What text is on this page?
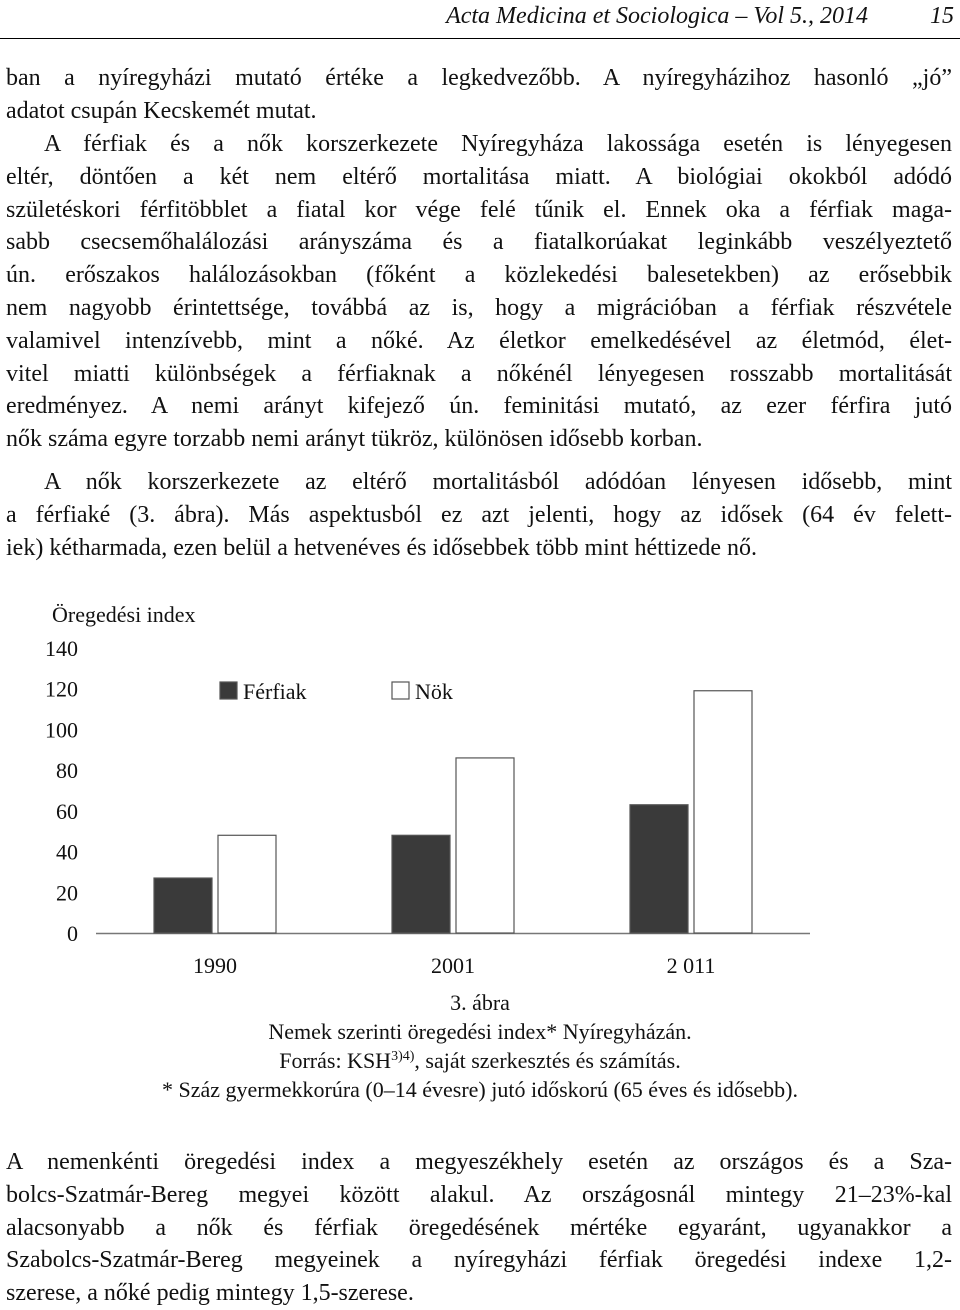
Acta Medicina et Sociologica – Vol 5., 2014	15
ban a nyíregyházi mutató értéke a legkedvezőbb. A nyíregyházihoz hasonló „jó”
adatot csupán Kecskemét mutat.
A férfiak és a nők korszerkezete Nyíregyháza lakossága esetén is lényegesen
eltér, döntően a két nem eltérő mortalitása miatt. A biológiai okokból adódó
születéskori férfitöbblet a fiatal kor vége felé tűnik el. Ennek oka a férfiak maga-
sabb csecsemőhalálozási arányszáma és a fiatalkorúakat leginkább veszélyeztető
ún. erőszakos halálozásokban (főként a közlekedési balesetekben) az erősebbik
nem nagyobb érintettsége, továbbá az is, hogy a migrációban a férfiak részvétele
valamivel intenzívebb, mint a nőké. Az életkor emelkedésével az életmód, élet-
vitel miatti különbségek a férfiaknak a nőkénél lényegesen rosszabb mortalitását
eredményez. A nemi arányt kifejező ún. feminitási mutató, az ezer férfira jutó
nők száma egyre torzabb nemi arányt tükröz, különösen idősebb korban.
A nők korszerkezete az eltérő mortalitásból adódóan lényesen idősebb, mint
a férfiaké (3. ábra). Más aspektusból ez azt jelenti, hogy az idősek (64 év felett-
iek) kétharmada, ezen belül a hetvenéves és idősebbek több mint héttizede nő.
Öregedési index
0
20
40
60
80
100
120
140
1990	2001	2 011
Férfiak	Nök
3. ábra
Nemek szerinti öregedési index* Nyíregyházán.
Forrás: $KSH^{3)4)}$, saját szerkesztés és számítás.
* Száz gyermekkorúra (0–14 évesre) jutó időskorú (65 éves és idősebb).
A nemenkénti öregedési index a megyeszékhely esetén az országos és a Sza-
bolcs-Szatmár-Bereg megyei között alakul. Az országosnál mintegy 21–23%-kal
alacsonyabb a nők és férfiak öregedésének mértéke egyaránt, ugyanakkor a
Szabolcs-Szatmár-Bereg megyeinek a nyíregyházi férfiak öregedési indexe 1,2-
szerese, a nőké pedig mintegy 1,5-szerese.
